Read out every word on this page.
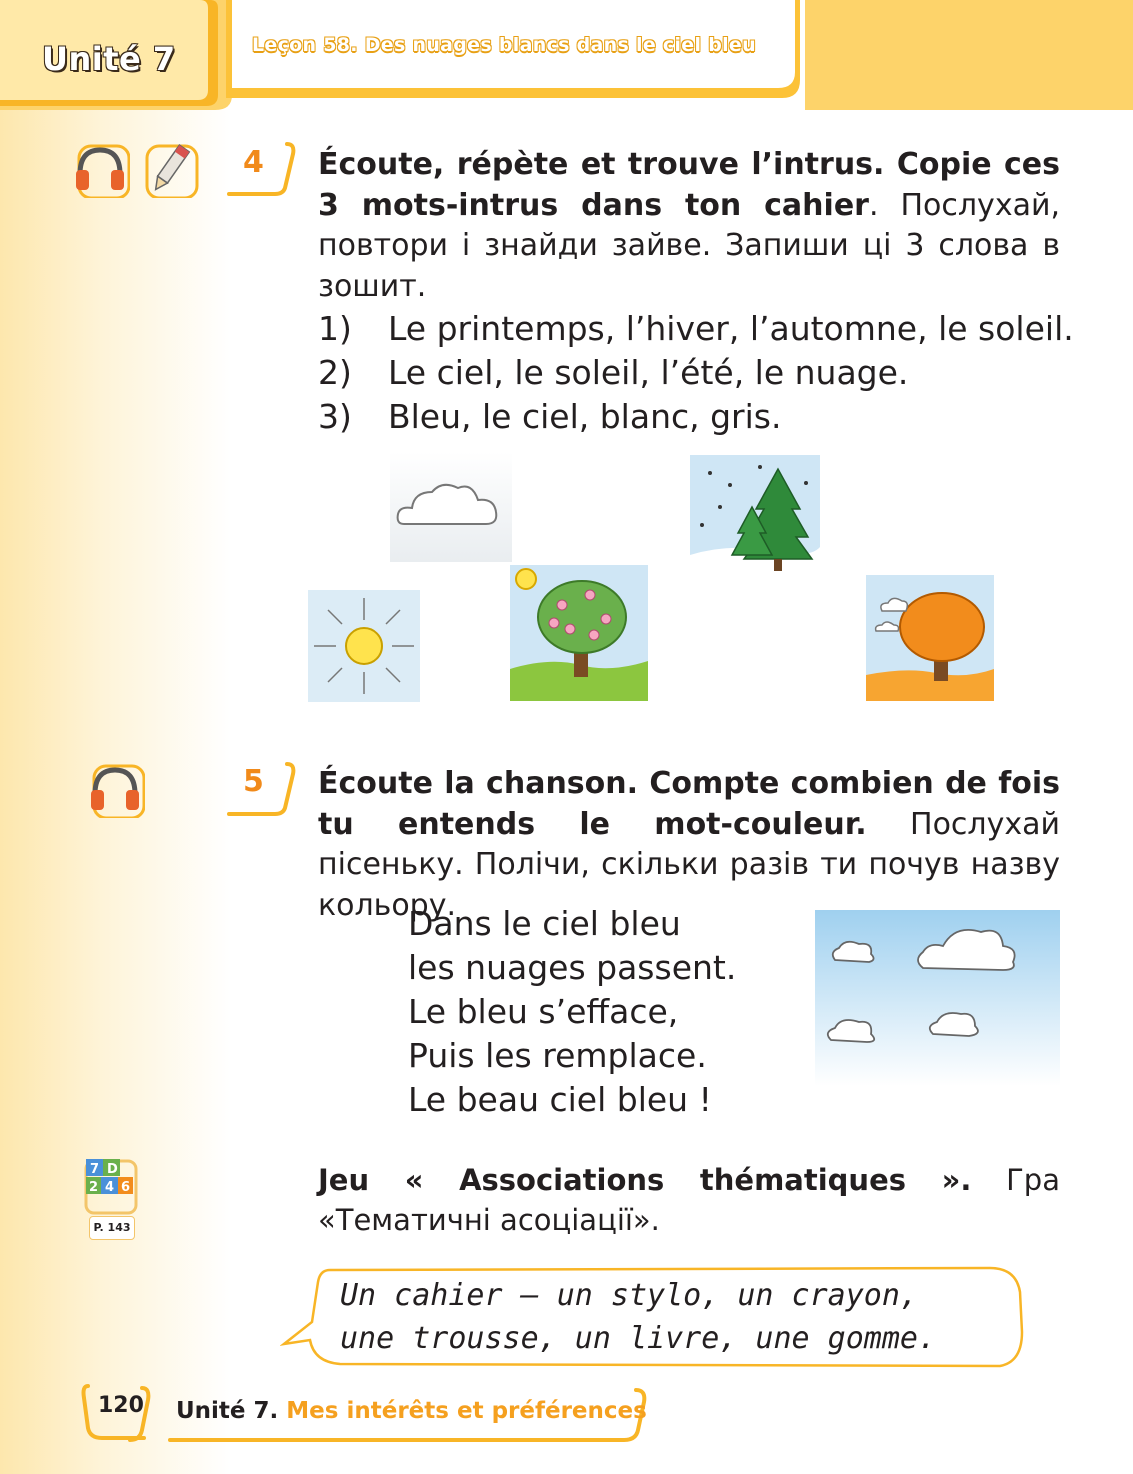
Unité 7	Leçon 58. Des nuages blancs dans le ciel bleu
4 Écoute, répète et trouve l’intrus. Copie ces 3 mots-intrus dans ton cahier. Послухай, повтори і знайди зайве. Запиши ці 3 слова в зошит.
1)	Le printemps, l’hiver, l’automne, le soleil.
2)	Le ciel, le soleil, l’été, le nuage.
3)	Bleu, le ciel, blanc, gris.
5 Écoute la chanson. Compte combien de fois tu entends le mot-couleur. Послухай пісеньку. Полічи, скільки разів ти почув назву кольору.
Dans le ciel bleu
les nuages passent.
Le bleu s’efface,
Puis les remplace.
Le beau ciel bleu !
7 D
2 4 6
P. 143
Jeu « Associations thématiques ». Гра «Тематичні асоціації».
Un cahier — un stylo, un crayon,
une trousse, un livre, une gomme.
120 Unité 7. Mes intérêts et préférences
